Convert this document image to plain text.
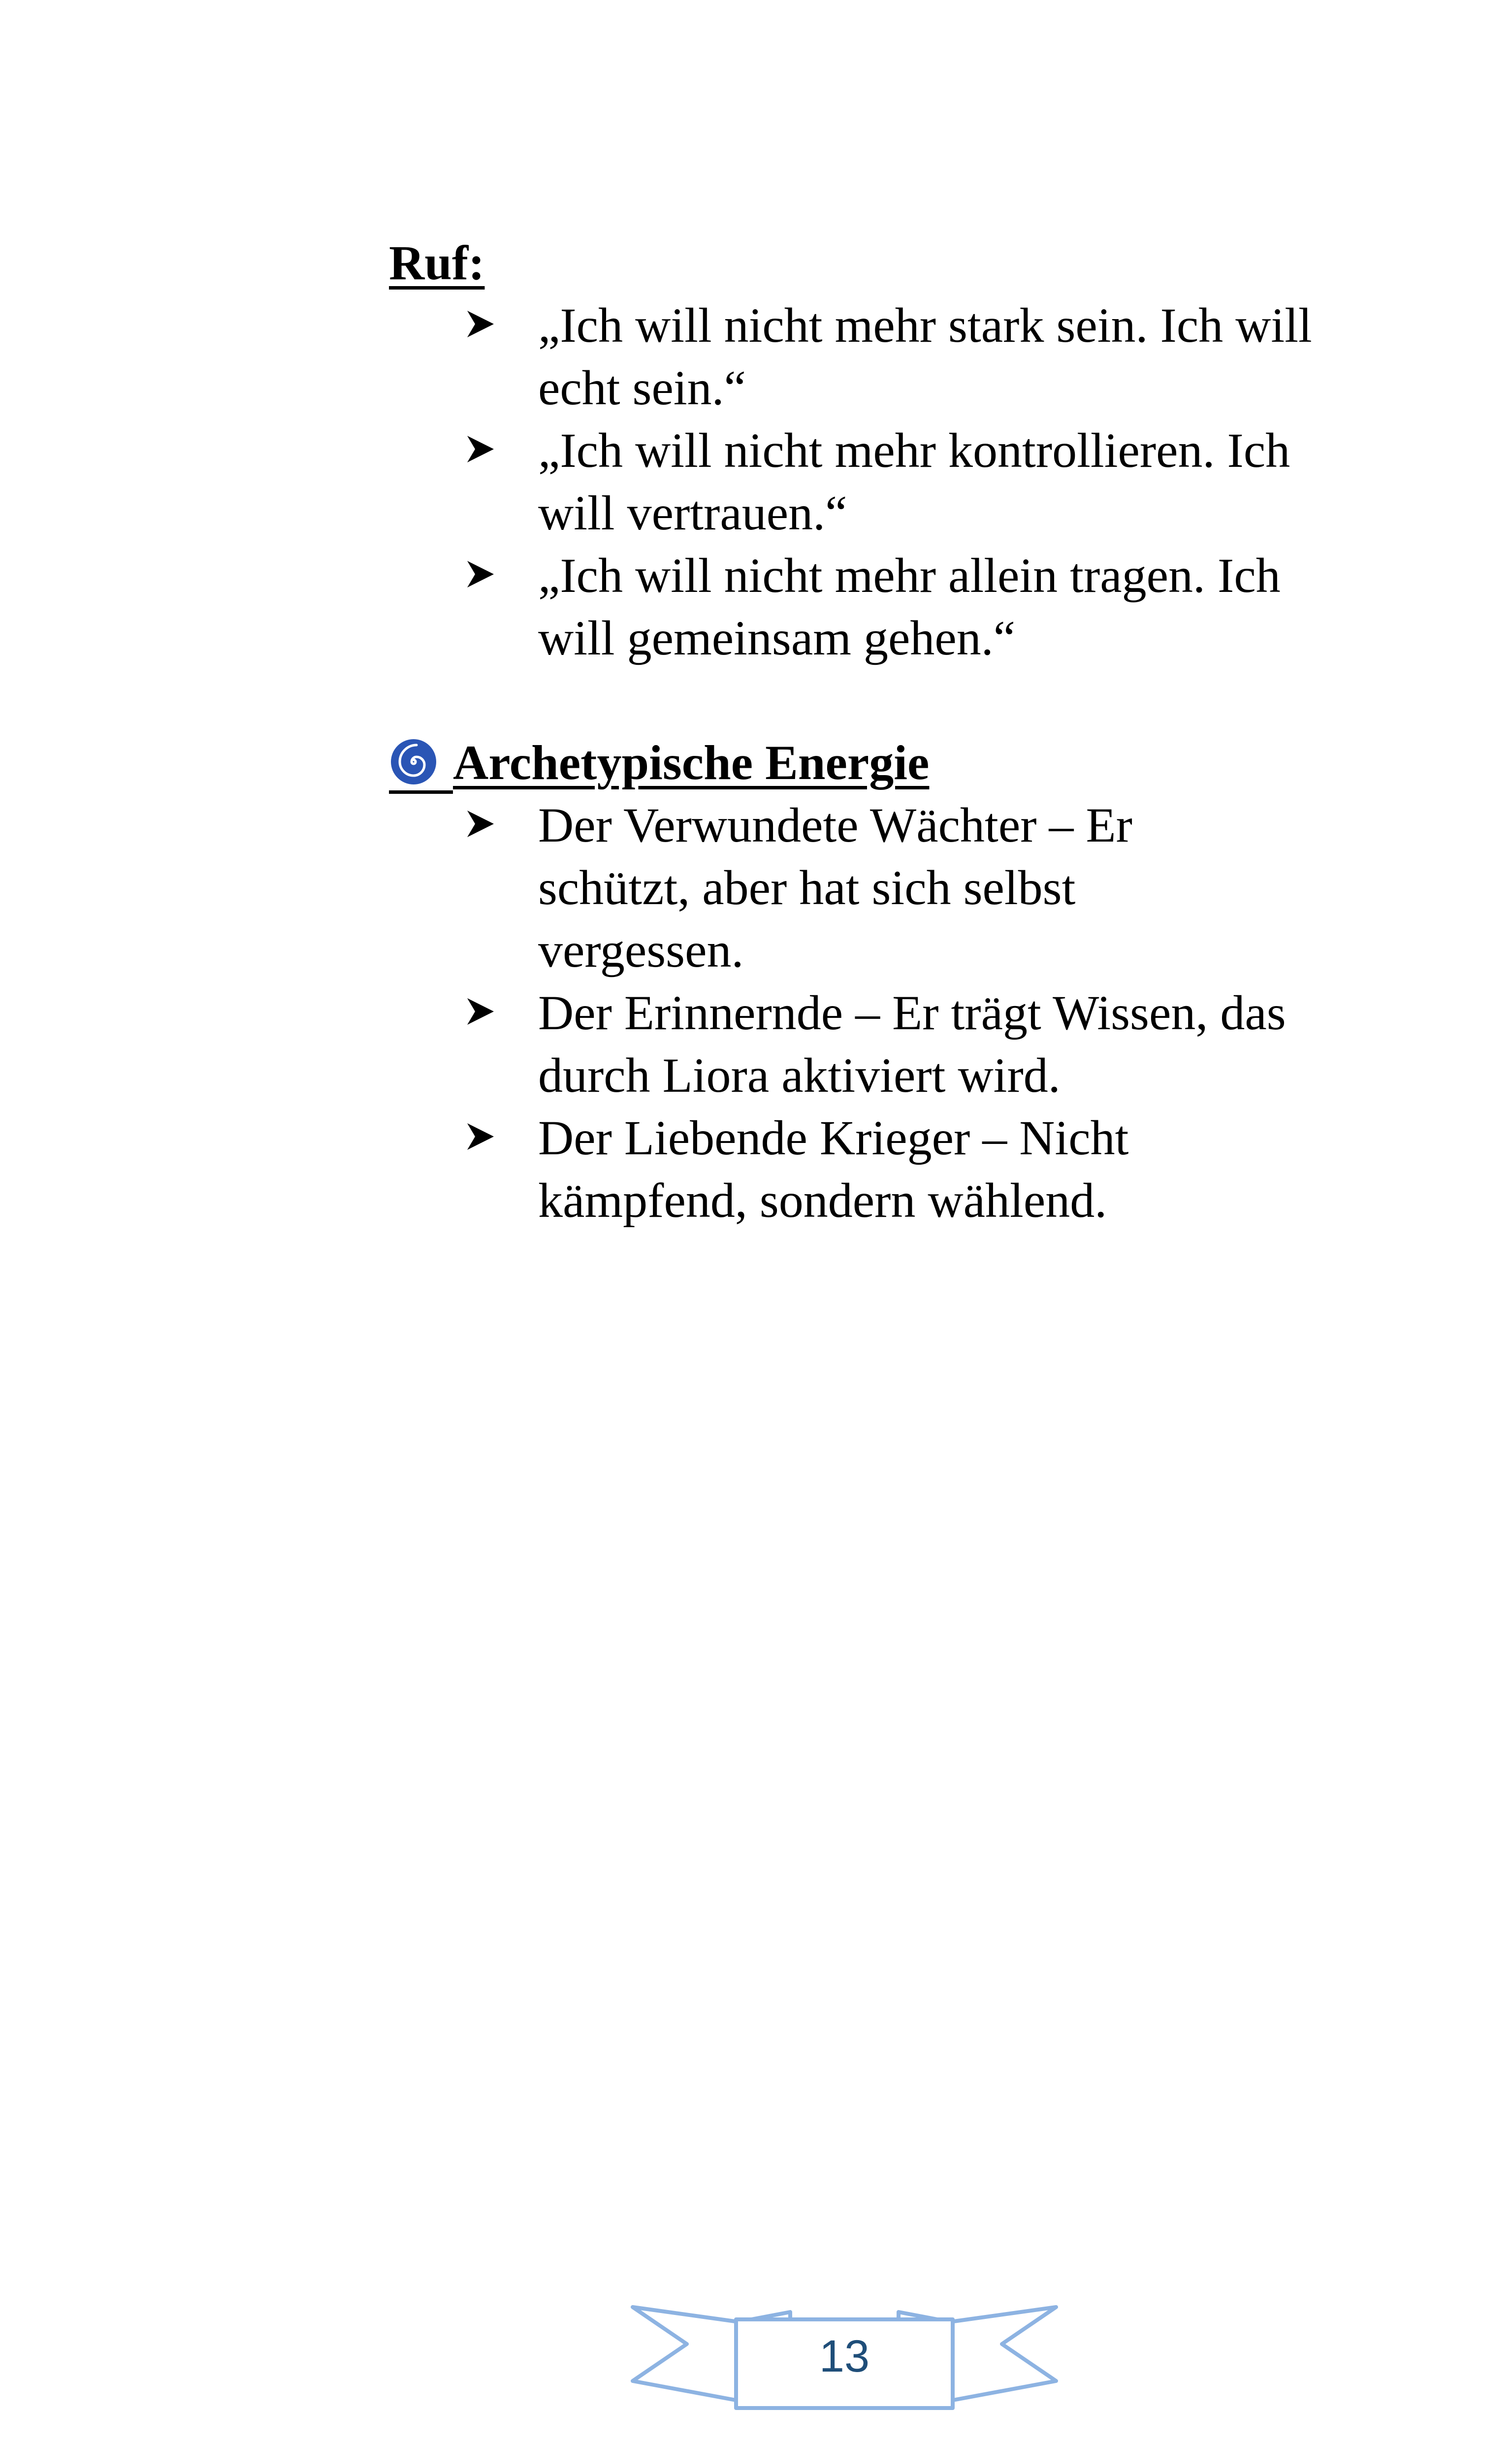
Ruf:
„Ich will nicht mehr stark sein. Ich will echt sein.“
„Ich will nicht mehr kontrollieren. Ich will vertrauen.“
„Ich will nicht mehr allein tragen. Ich will gemeinsam gehen.“
Archetypische Energie
Der Verwundete Wächter – Er schützt, aber hat sich selbst vergessen.
Der Erinnernde – Er trägt Wissen, das durch Liora aktiviert wird.
Der Liebende Krieger – Nicht kämpfend, sondern wählend.
13
